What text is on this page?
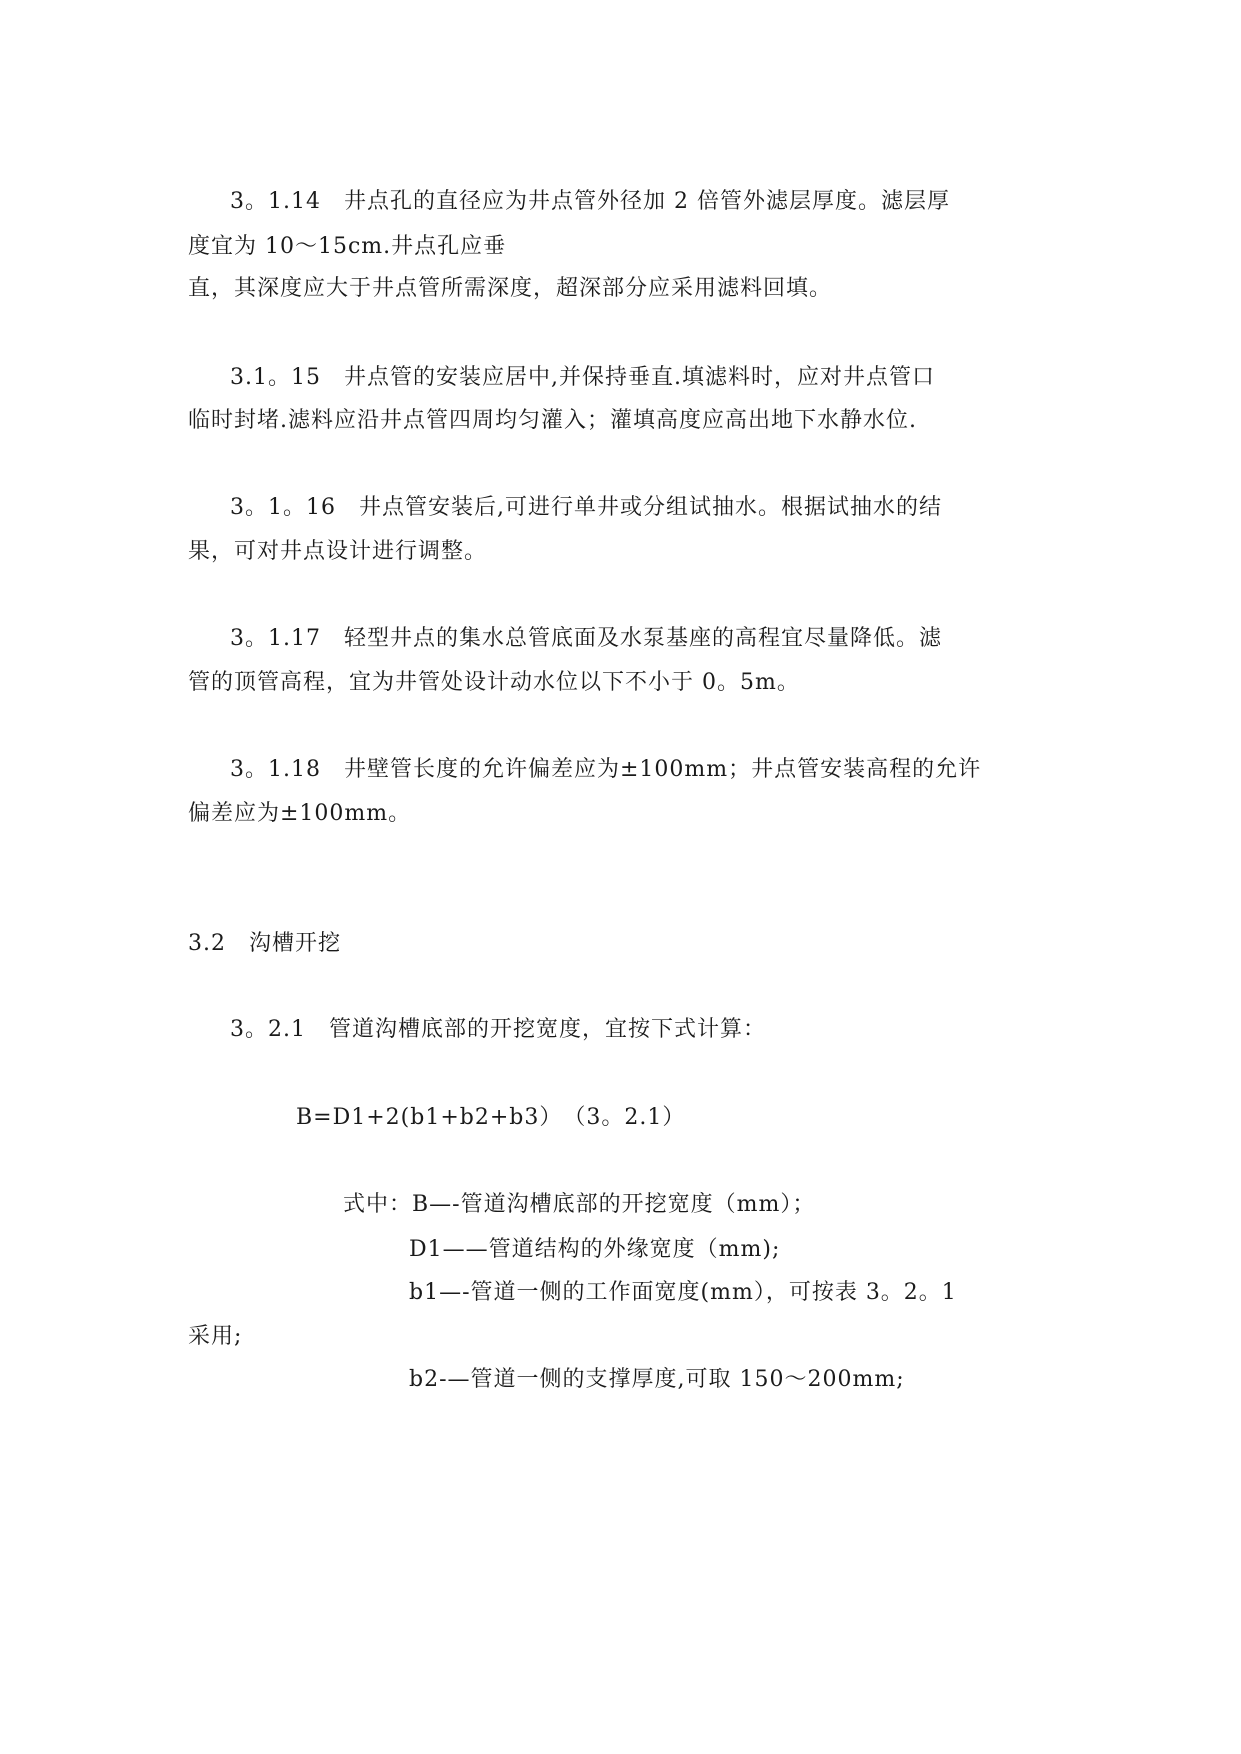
3。1.14　井点孔的直径应为井点管外径加 2 倍管外滤层厚度。滤层厚
度宜为 10～15cm.井点孔应垂
直，其深度应大于井点管所需深度，超深部分应采用滤料回填。
3.1。15　井点管的安装应居中,并保持垂直.填滤料时，应对井点管口
临时封堵.滤料应沿井点管四周均匀灌入；灌填高度应高出地下水静水位.
3。1。16　井点管安装后,可进行单井或分组试抽水。根据试抽水的结
果，可对井点设计进行调整。
3。1.17　轻型井点的集水总管底面及水泵基座的高程宜尽量降低。滤
管的顶管高程，宜为井管处设计动水位以下不小于 0。5m。
3。1.18　井壁管长度的允许偏差应为±100mm；井点管安装高程的允许
偏差应为±100mm。
3.2　沟槽开挖
3。2.1　管道沟槽底部的开挖宽度，宜按下式计算：
B=D1+2(b1+b2+b3）　（3。2.1）
式中：B—-管道沟槽底部的开挖宽度（mm）；
D1——管道结构的外缘宽度（mm);
b1—-管道一侧的工作面宽度(mm），可按表 3。2。1
采用;
b2-—管道一侧的支撑厚度,可取 150～200mm;
